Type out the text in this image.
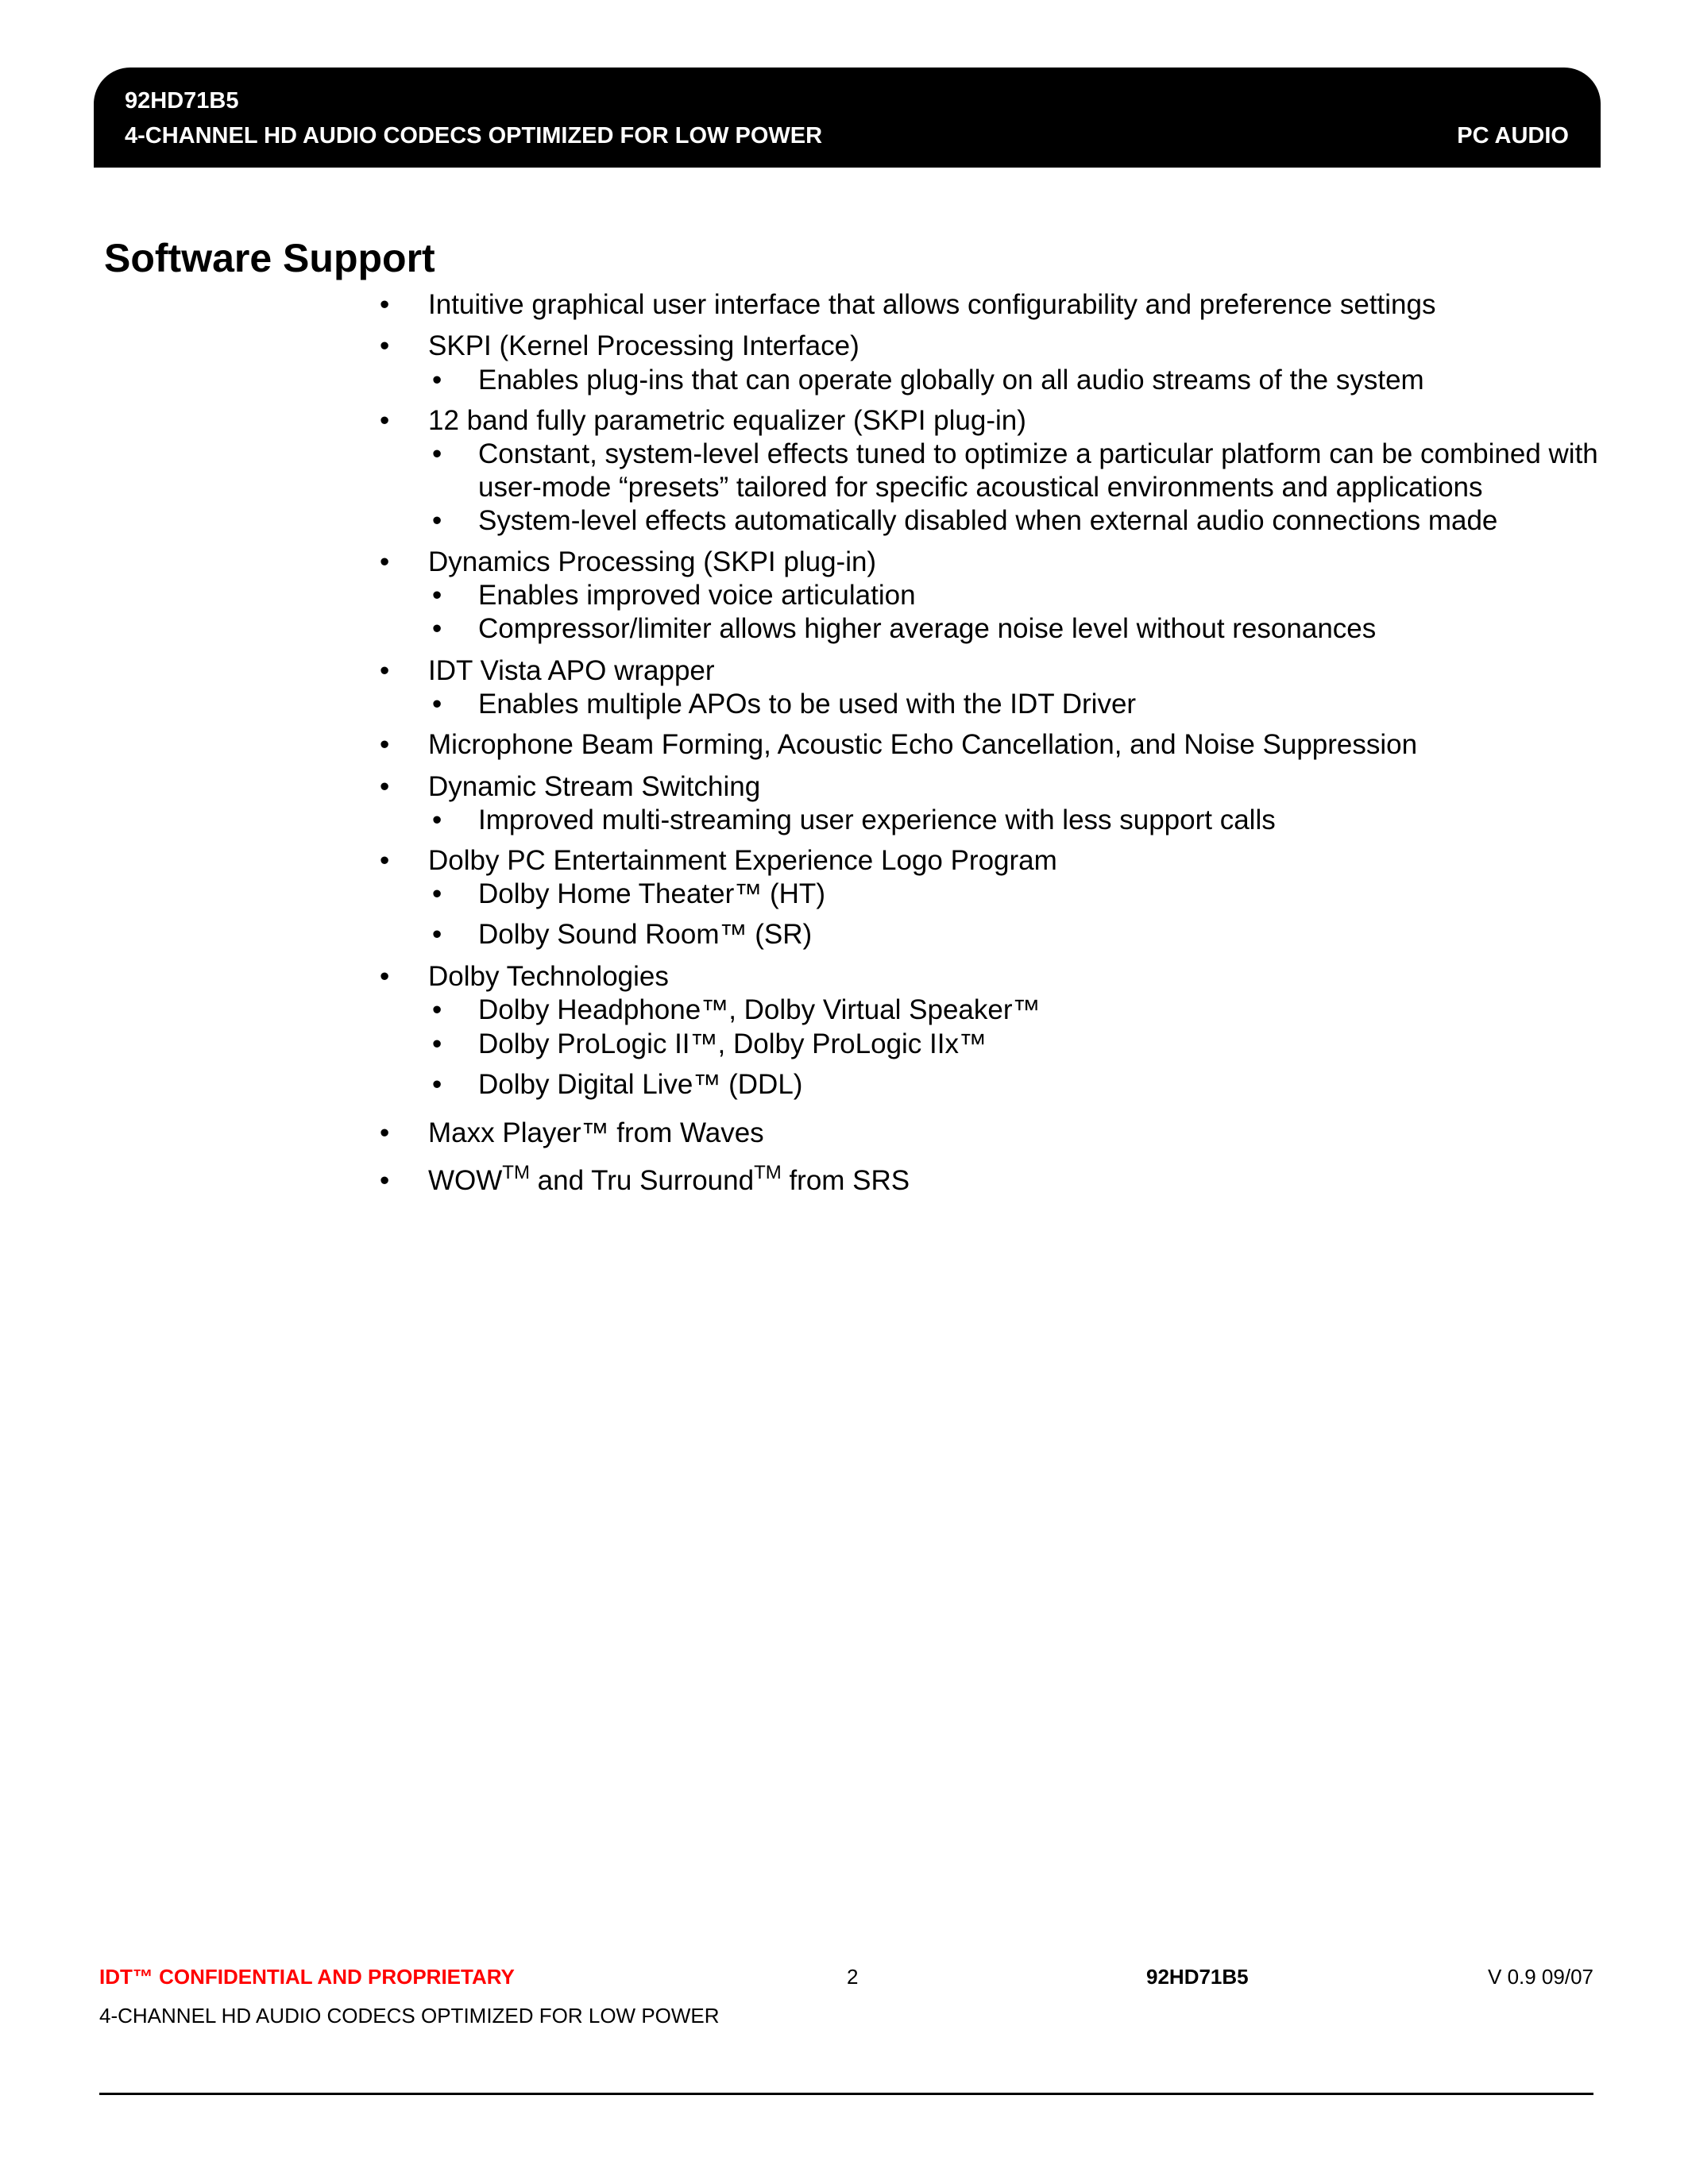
92HD71B5
4-CHANNEL HD AUDIO CODECS OPTIMIZED FOR LOW POWER	PC AUDIO
Software Support
• Intuitive graphical user interface that allows configurability and preference settings
• SKPI (Kernel Processing Interface)
• Enables plug-ins that can operate globally on all audio streams of the system
• 12 band fully parametric equalizer (SKPI plug-in)
• Constant, system-level effects tuned to optimize a particular platform can be combined with
user-mode “presets” tailored for specific acoustical environments and applications
• System-level effects automatically disabled when external audio connections made
• Dynamics Processing (SKPI plug-in)
• Enables improved voice articulation
• Compressor/limiter allows higher average noise level without resonances
• IDT Vista APO wrapper
• Enables multiple APOs to be used with the IDT Driver
• Microphone Beam Forming, Acoustic Echo Cancellation, and Noise Suppression
• Dynamic Stream Switching
• Improved multi-streaming user experience with less support calls
• Dolby PC Entertainment Experience Logo Program
• Dolby Home Theater™ (HT)
• Dolby Sound Room™ (SR)
• Dolby Technologies
• Dolby Headphone™, Dolby Virtual Speaker™
• Dolby ProLogic II™, Dolby ProLogic IIx™
• Dolby Digital Live™ (DDL)
• Maxx Player™ from Waves
• WOW™ and Tru Surround™ from SRS
IDT™ CONFIDENTIAL AND PROPRIETARY	2	92HD71B5	V 0.9 09/07
4-CHANNEL HD AUDIO CODECS OPTIMIZED FOR LOW POWER
